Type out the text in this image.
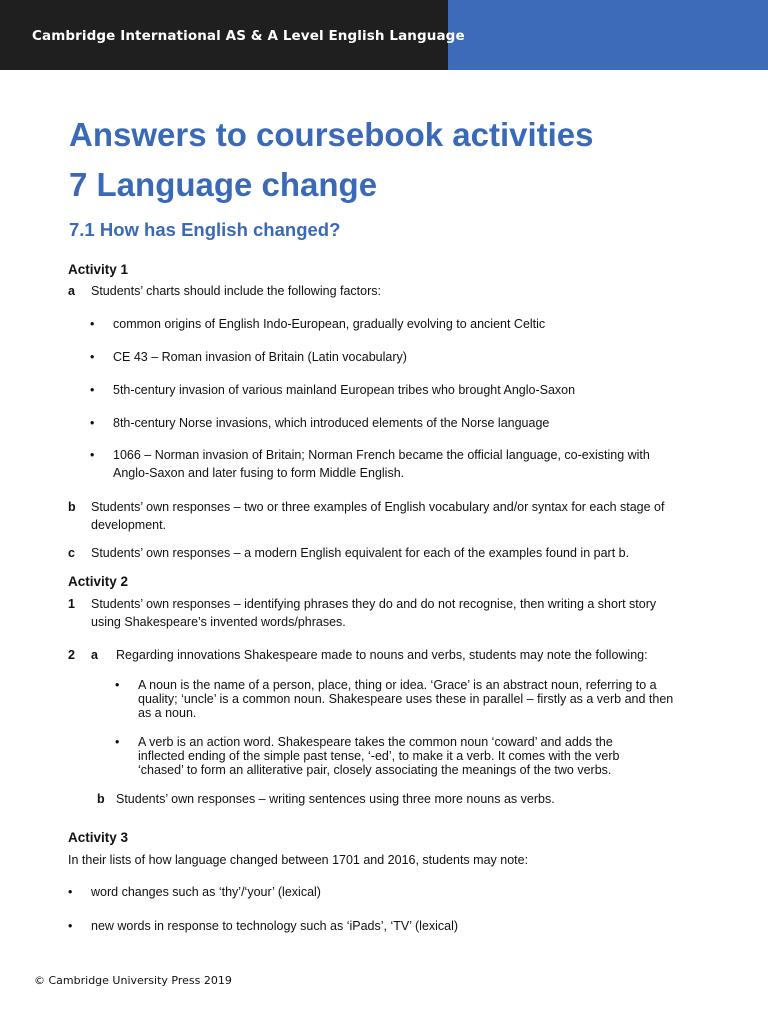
Cambridge International AS & A Level English Language
Answers to coursebook activities
7 Language change
7.1 How has English changed?
Activity 1
a Students’ charts should include the following factors:
• common origins of English Indo-European, gradually evolving to ancient Celtic
• CE 43 – Roman invasion of Britain (Latin vocabulary)
• 5th-century invasion of various mainland European tribes who brought Anglo-Saxon
• 8th-century Norse invasions, which introduced elements of the Norse language
• 1066 – Norman invasion of Britain; Norman French became the official language, co-existing with Anglo-Saxon and later fusing to form Middle English.
b Students’ own responses – two or three examples of English vocabulary and/or syntax for each stage of development.
c Students’ own responses – a modern English equivalent for each of the examples found in part b.
Activity 2
1 Students’ own responses – identifying phrases they do and do not recognise, then writing a short story using Shakespeare’s invented words/phrases.
2 a Regarding innovations Shakespeare made to nouns and verbs, students may note the following:
• A noun is the name of a person, place, thing or idea. ‘Grace’ is an abstract noun, referring to a quality; ‘uncle’ is a common noun. Shakespeare uses these in parallel – firstly as a verb and then as a noun.
• A verb is an action word. Shakespeare takes the common noun ‘coward’ and adds the inflected ending of the simple past tense, ‘-ed’, to make it a verb. It comes with the verb ‘chased’ to form an alliterative pair, closely associating the meanings of the two verbs.
b Students’ own responses – writing sentences using three more nouns as verbs.
Activity 3
In their lists of how language changed between 1701 and 2016, students may note:
• word changes such as ‘thy’/‘your’ (lexical)
• new words in response to technology such as ‘iPads’, ‘TV’ (lexical)
© Cambridge University Press 2019
